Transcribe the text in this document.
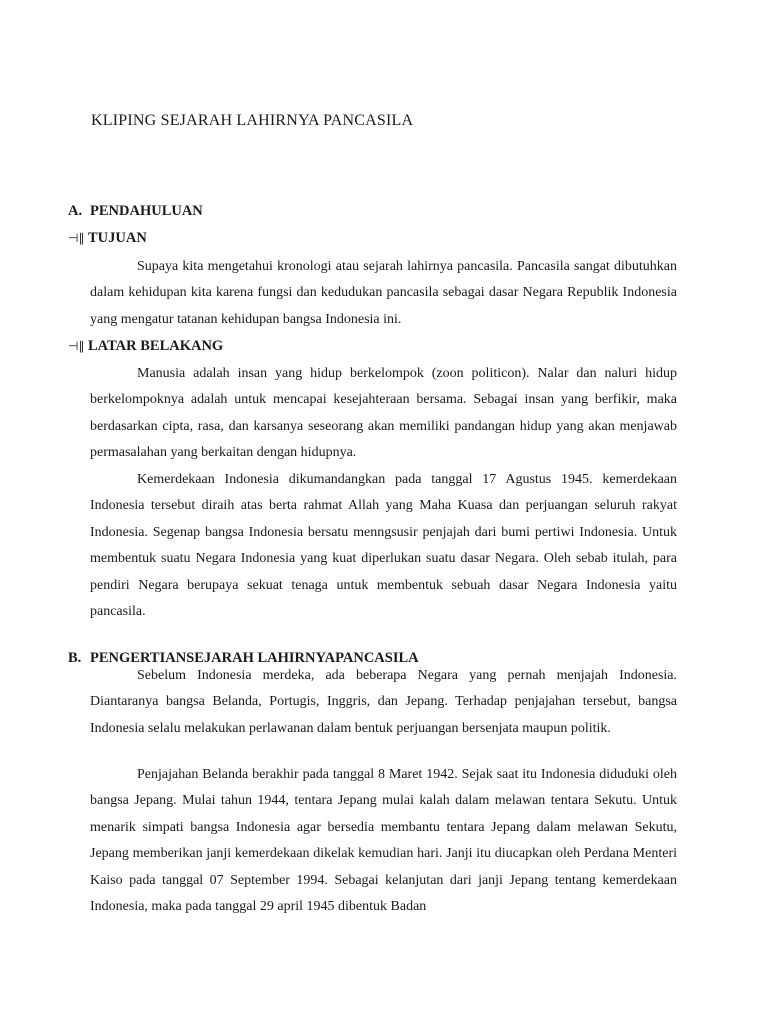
KLIPING SEJARAH LAHIRNYA PANCASILA
A. PENDAHULUAN
⊣∥ TUJUAN

Supaya kita mengetahui kronologi atau sejarah lahirnya pancasila. Pancasila sangat dibutuhkan dalam kehidupan kita karena fungsi dan kedudukan pancasila sebagai dasar Negara Republik Indonesia yang mengatur tatanan kehidupan bangsa Indonesia ini.

⊣∥ LATAR BELAKANG

Manusia adalah insan yang hidup berkelompok (zoon politicon). Nalar dan naluri hidup berkelompoknya adalah untuk mencapai kesejahteraan bersama. Sebagai insan yang berfikir, maka berdasarkan cipta, rasa, dan karsanya seseorang akan memiliki pandangan hidup yang akan menjawab permasalahan yang berkaitan dengan hidupnya.

Kemerdekaan Indonesia dikumandangkan pada tanggal 17 Agustus 1945. kemerdekaan Indonesia tersebut diraih atas berta rahmat Allah yang Maha Kuasa dan perjuangan seluruh rakyat Indonesia. Segenap bangsa Indonesia bersatu menngsusir penjajah dari bumi pertiwi Indonesia. Untuk membentuk suatu Negara Indonesia yang kuat diperlukan suatu dasar Negara. Oleh sebab itulah, para pendiri Negara berupaya sekuat tenaga untuk membentuk sebuah dasar Negara Indonesia yaitu pancasila.

B. PENGERTIANSEJARAH LAHIRNYAPANCASILA

Sebelum Indonesia merdeka, ada beberapa Negara yang pernah menjajah Indonesia. Diantaranya bangsa Belanda, Portugis, Inggris, dan Jepang. Terhadap penjajahan tersebut, bangsa Indonesia selalu melakukan perlawanan dalam bentuk perjuangan bersenjata maupun politik.

Penjajahan Belanda berakhir pada tanggal 8 Maret 1942. Sejak saat itu Indonesia diduduki oleh bangsa Jepang. Mulai tahun 1944, tentara Jepang mulai kalah dalam melawan tentara Sekutu. Untuk menarik simpati bangsa Indonesia agar bersedia membantu tentara Jepang dalam melawan Sekutu, Jepang memberikan janji kemerdekaan dikelak kemudian hari. Janji itu diucapkan oleh Perdana Menteri Kaiso pada tanggal 07 September 1994. Sebagai kelanjutan dari janji Jepang tentang kemerdekaan Indonesia, maka pada tanggal 29 april 1945 dibentuk Badan
